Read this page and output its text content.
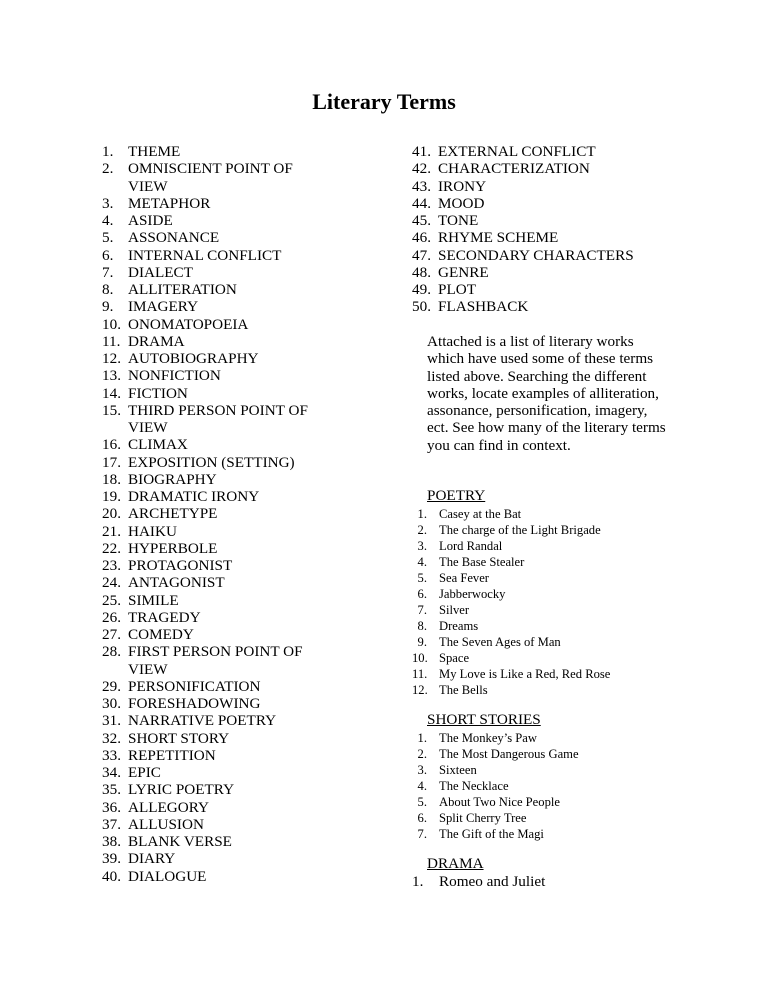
Literary Terms
1. THEME
2. OMNISCIENT POINT OF
VIEW
3. METAPHOR
4. ASIDE
5. ASSONANCE
6. INTERNAL CONFLICT
7. DIALECT
8. ALLITERATION
9. IMAGERY
10. ONOMATOPOEIA
11. DRAMA
12. AUTOBIOGRAPHY
13. NONFICTION
14. FICTION
15. THIRD PERSON POINT OF
VIEW
16. CLIMAX
17. EXPOSITION (SETTING)
18. BIOGRAPHY
19. DRAMATIC IRONY
20. ARCHETYPE
21. HAIKU
22. HYPERBOLE
23. PROTAGONIST
24. ANTAGONIST
25. SIMILE
26. TRAGEDY
27. COMEDY
28. FIRST PERSON POINT OF
VIEW
29. PERSONIFICATION
30. FORESHADOWING
31. NARRATIVE POETRY
32. SHORT STORY
33. REPETITION
34. EPIC
35. LYRIC POETRY
36. ALLEGORY
37. ALLUSION
38. BLANK VERSE
39. DIARY
40. DIALOGUE
41. EXTERNAL CONFLICT
42. CHARACTERIZATION
43. IRONY
44. MOOD
45. TONE
46. RHYME SCHEME
47. SECONDARY CHARACTERS
48. GENRE
49. PLOT
50. FLASHBACK
Attached is a list of literary works which have used some of these terms listed above. Searching the different works, locate examples of alliteration, assonance, personification, imagery, ect. See how many of the literary terms you can find in context.
POETRY
1. Casey at the Bat
2. The charge of the Light Brigade
3. Lord Randal
4. The Base Stealer
5. Sea Fever
6. Jabberwocky
7. Silver
8. Dreams
9. The Seven Ages of Man
10. Space
11. My Love is Like a Red, Red Rose
12. The Bells
SHORT STORIES
1. The Monkey’s Paw
2. The Most Dangerous Game
3. Sixteen
4. The Necklace
5. About Two Nice People
6. Split Cherry Tree
7. The Gift of the Magi
DRAMA
1.	Romeo and Juliet
